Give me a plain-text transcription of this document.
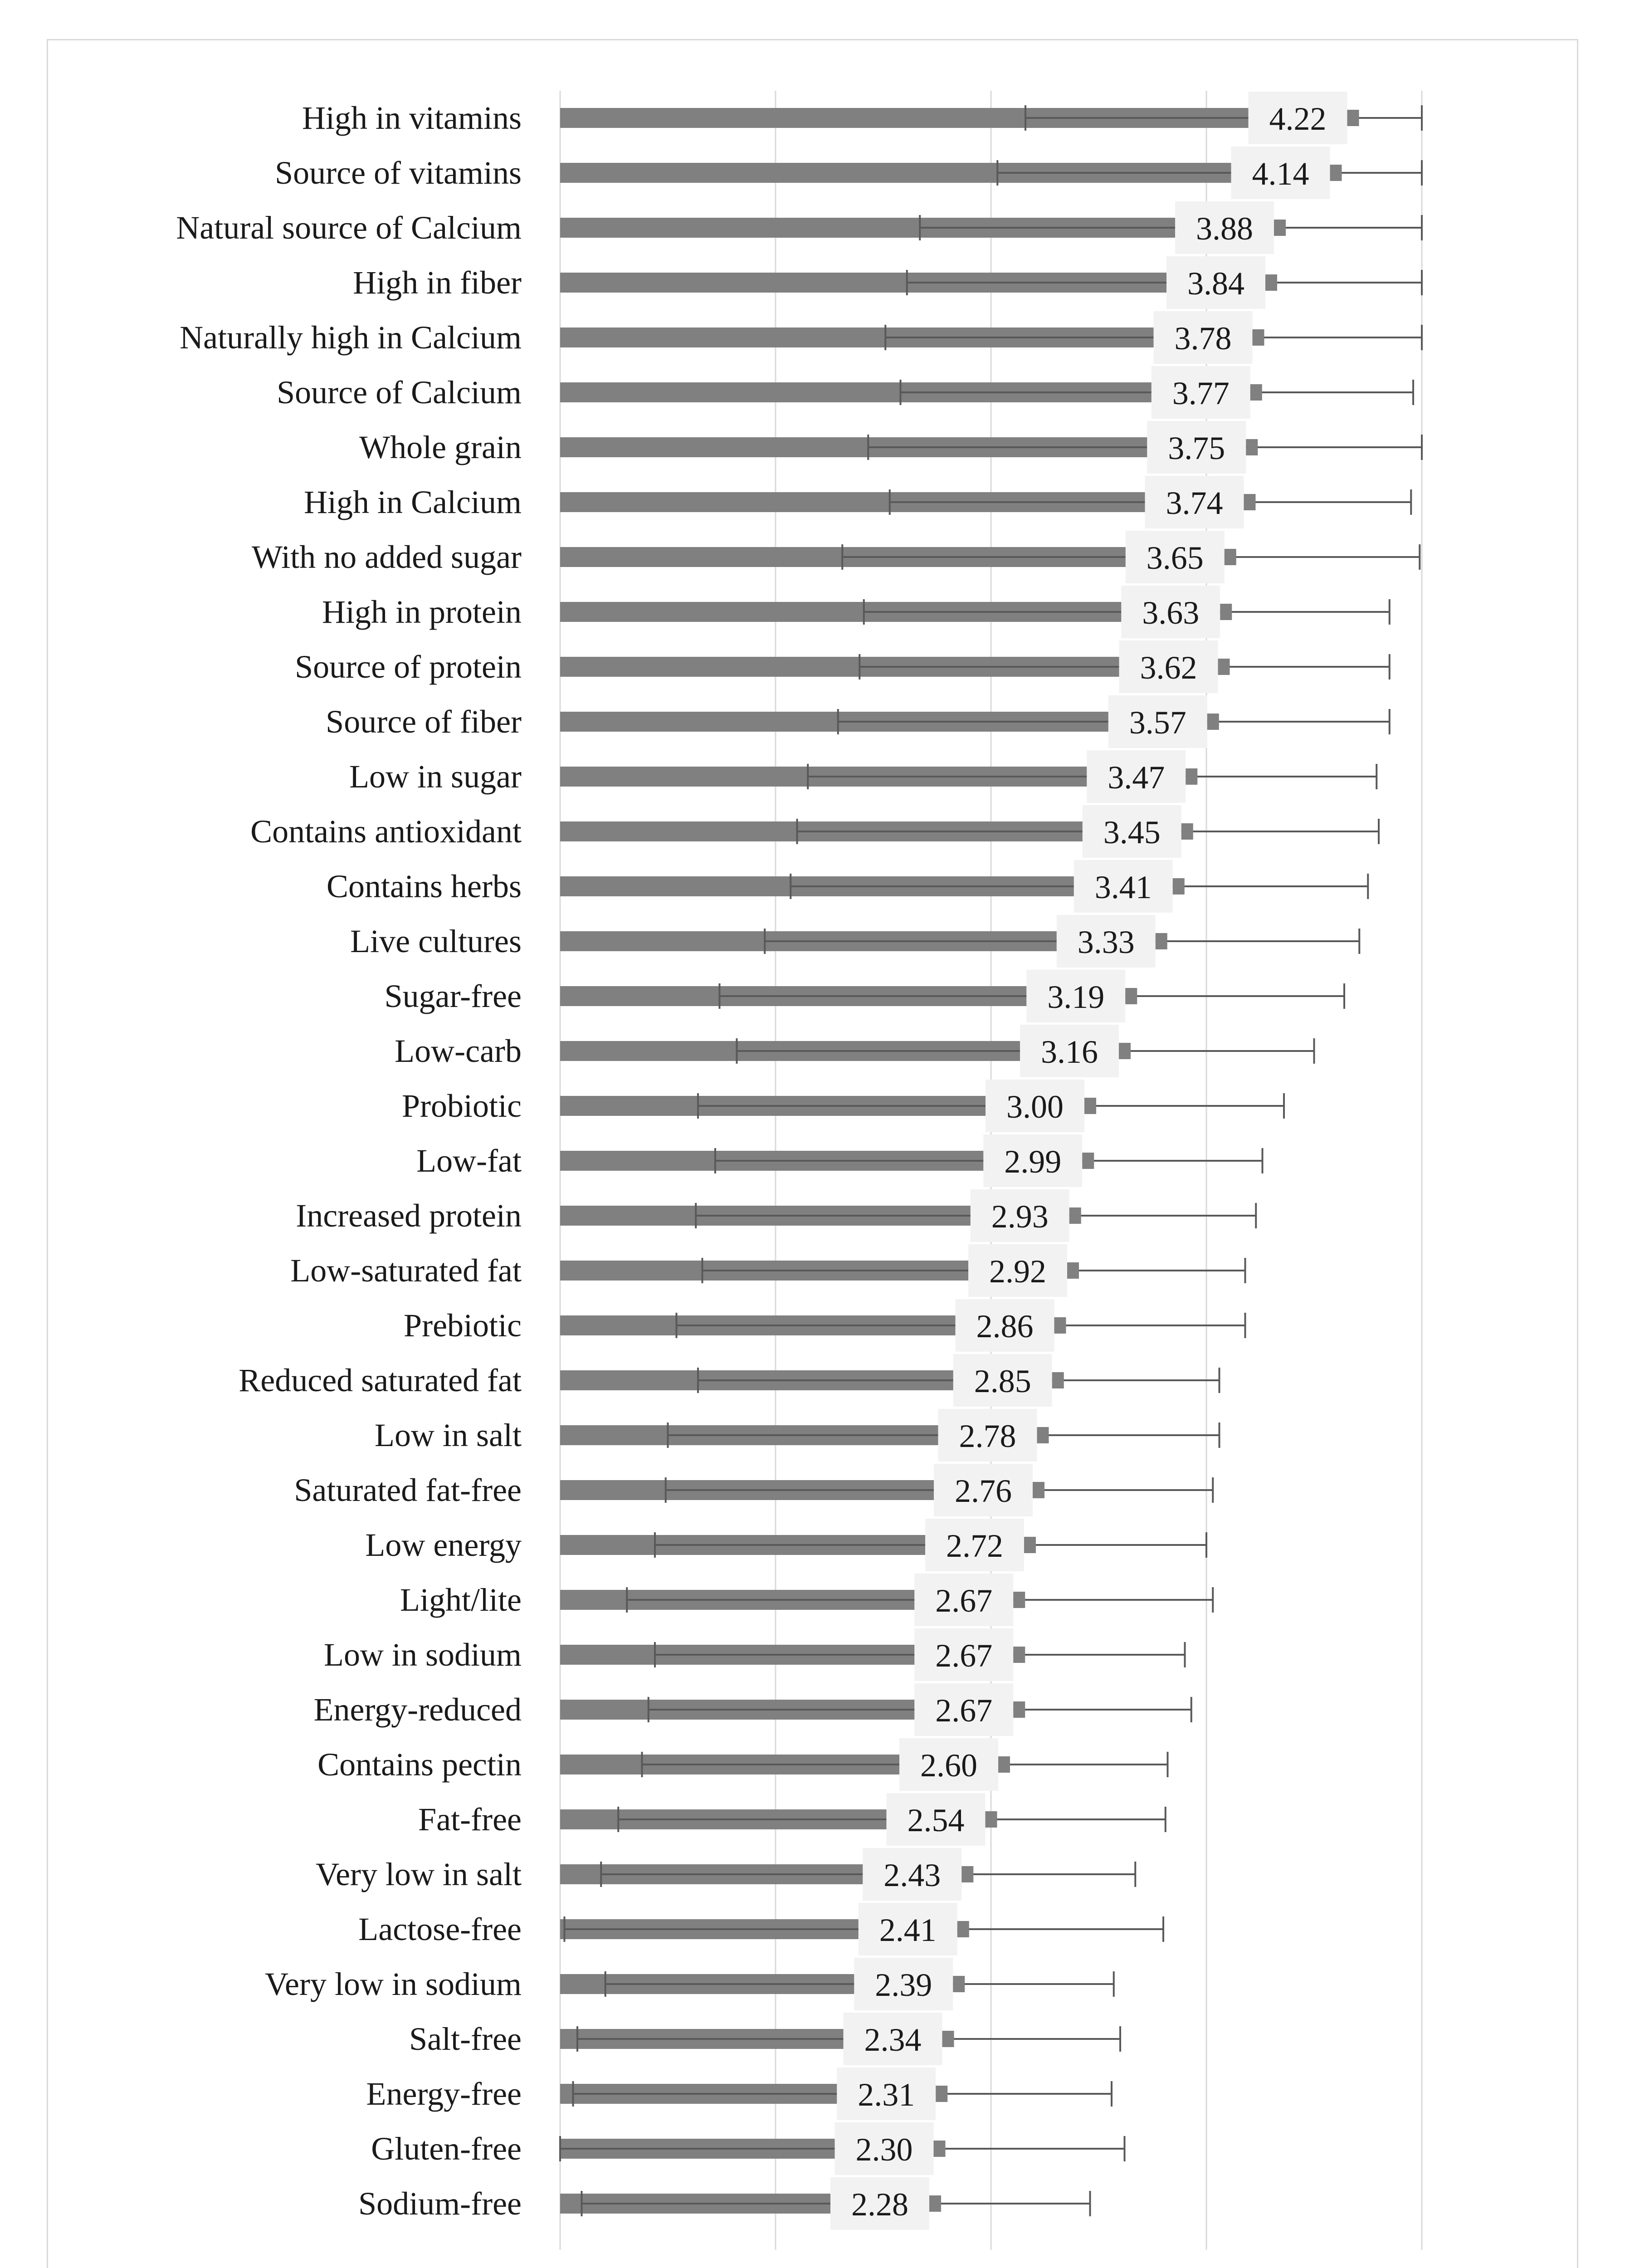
4.22
4.14
3.88
3.84
3.78
3.77
3.75
3.74
3.65
3.63
3.62
3.57
3.47
3.45
3.41
3.33
3.19
3.16
3.00
2.99
2.93
2.92
2.86
2.85
2.78
2.76
2.72
2.67
2.67
2.67
2.60
2.54
2.43
2.41
2.39
2.34
2.31
2.30
2.28
High in vitamins
Source of vitamins
Natural source of Calcium
High in fiber
Naturally high in Calcium
Source of Calcium
Whole grain
High in Calcium
With no added sugar
High in protein
Source of protein
Source of fiber
Low in sugar
Contains antioxidant
Contains herbs
Live cultures
Sugar-free
Low-carb
Probiotic
Low-fat
Increased protein
Low-saturated fat
Prebiotic
Reduced saturated fat
Low in salt
Saturated fat-free
Low energy
Light/lite
Low in sodium
Energy-reduced
Contains pectin
Fat-free
Very low in salt
Lactose-free
Very low in sodium
Salt-free
Energy-free
Gluten-free
Sodium-free
